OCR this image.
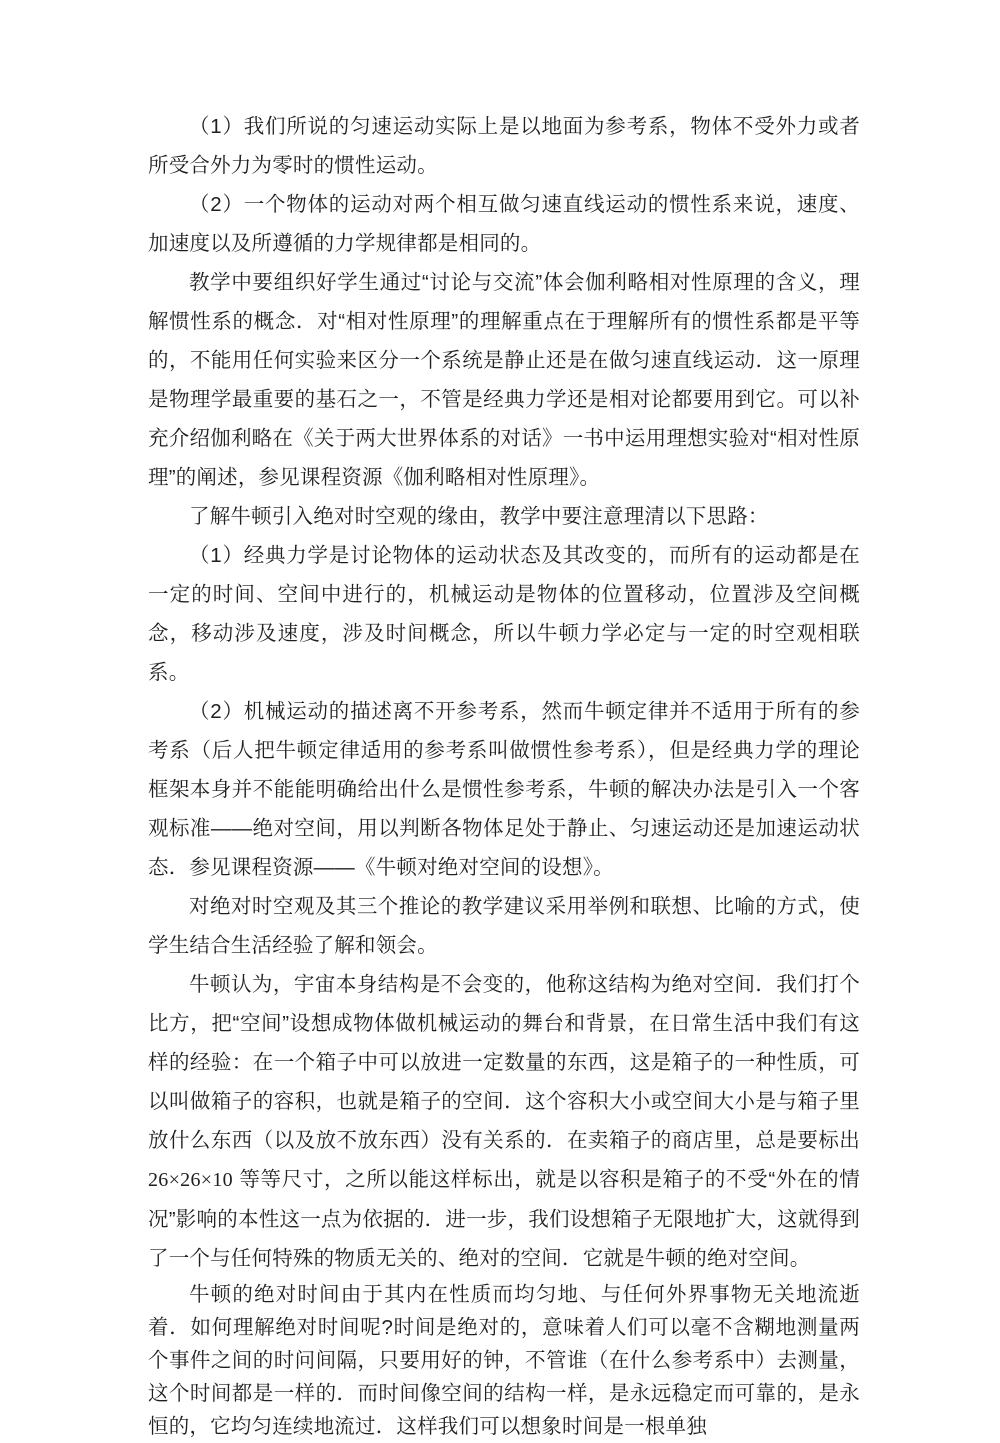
（1）我们所说的匀速运动实际上是以地面为参考系，物体不受外力或者所受合外力为零时的惯性运动。

（2）一个物体的运动对两个相互做匀速直线运动的惯性系来说，速度、加速度以及所遵循的力学规律都是相同的。

教学中要组织好学生通过“讨论与交流”体会伽利略相对性原理的含义，理解惯性系的概念．对“相对性原理”的理解重点在于理解所有的惯性系都是平等的，不能用任何实验来区分一个系统是静止还是在做匀速直线运动．这一原理是物理学最重要的基石之一，不管是经典力学还是相对论都要用到它。可以补充介绍伽利略在《关于两大世界体系的对话》一书中运用理想实验对“相对性原理”的阐述，参见课程资源《伽利略相对性原理》。

了解牛顿引入绝对时空观的缘由，教学中要注意理清以下思路：

（1）经典力学是讨论物体的运动状态及其改变的，而所有的运动都是在一定的时间、空间中进行的，机械运动是物体的位置移动，位置涉及空间概念，移动涉及速度，涉及时间概念，所以牛顿力学必定与一定的时空观相联系。

（2）机械运动的描述离不开参考系，然而牛顿定律并不适用于所有的参考系（后人把牛顿定律适用的参考系叫做惯性参考系），但是经典力学的理论框架本身并不能能明确给出什么是惯性参考系，牛顿的解决办法是引入一个客观标准——绝对空间，用以判断各物体足处于静止、匀速运动还是加速运动状态．参见课程资源——《牛顿对绝对空间的设想》。

对绝对时空观及其三个推论的教学建议采用举例和联想、比喻的方式，使学生结合生活经验了解和领会。

牛顿认为，宇宙本身结构是不会变的，他称这结构为绝对空间．我们打个比方，把“空间”设想成物体做机械运动的舞台和背景，在日常生活中我们有这样的经验：在一个箱子中可以放进一定数量的东西，这是箱子的一种性质，可以叫做箱子的容积，也就是箱子的空间．这个容积大小或空间大小是与箱子里放什么东西（以及放不放东西）没有关系的．在卖箱子的商店里，总是要标出 26×26×10 等等尺寸，之所以能这样标出，就是以容积是箱子的不受“外在的情况”影响的本性这一点为依据的．进一步，我们设想箱子无限地扩大，这就得到了一个与任何特殊的物质无关的、绝对的空间．它就是牛顿的绝对空间。

牛顿的绝对时间由于其内在性质而均匀地、与任何外界事物无关地流逝着．如何理解绝对时间呢?时间是绝对的，意味着人们可以毫不含糊地测量两个事件之间的时问间隔，只要用好的钟，不管谁（在什么参考系中）去测量，这个时间都是一样的．而时间像空间的结构一样，是永远稳定而可靠的，是永恒的，它均匀连续地流过．这样我们可以想象时间是一根单独
